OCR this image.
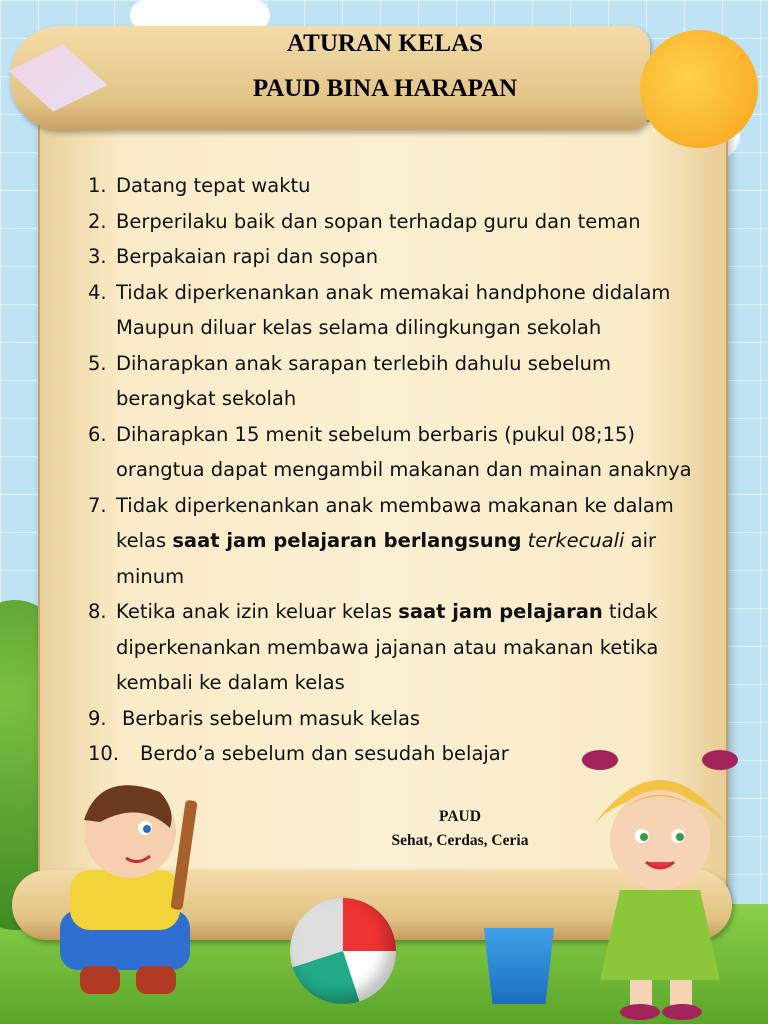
ATURAN KELAS
PAUD BINA HARAPAN
1. Datang tepat waktu
2. Berperilaku baik dan sopan terhadap guru dan teman
3. Berpakaian rapi dan sopan
4. Tidak diperkenankan anak memakai handphone didalam
Maupun diluar kelas selama dilingkungan sekolah
5. Diharapkan anak sarapan terlebih dahulu sebelum
berangkat sekolah
6. Diharapkan 15 menit sebelum berbaris (pukul 08;15)
orangtua dapat mengambil makanan dan mainan anaknya
7. Tidak diperkenankan anak membawa makanan ke dalam
kelas saat jam pelajaran berlangsung terkecuali air
minum
8. Ketika anak izin keluar kelas saat jam pelajaran tidak
diperkenankan membawa jajanan atau makanan ketika
kembali ke dalam kelas
9. Berbaris sebelum masuk kelas
10. Berdo’a sebelum dan sesudah belajar
PAUD
Sehat, Cerdas, Ceria
